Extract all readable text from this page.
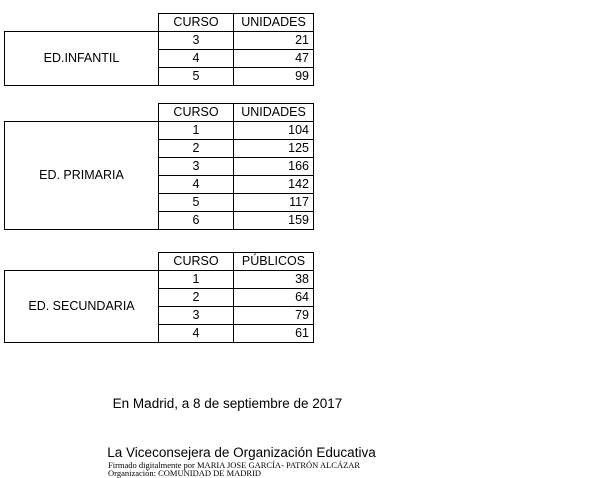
	CURSO	UNIDADES
ED.INFANTIL	3	21
	4	47
	5	99
	CURSO	UNIDADES
ED. PRIMARIA	1	104
	2	125
	3	166
	4	142
	5	117
	6	159
	CURSO	PÚBLICOS
ED. SECUNDARIA	1	38
	2	64
	3	79
	4	61
En Madrid, a 8 de septiembre de 2017
La Viceconsejera de Organización Educativa
Firmado digitalmente por MARIA JOSE GARCÍA- PATRÓN ALCÁZAR
Organización: COMUNIDAD DE MADRID
